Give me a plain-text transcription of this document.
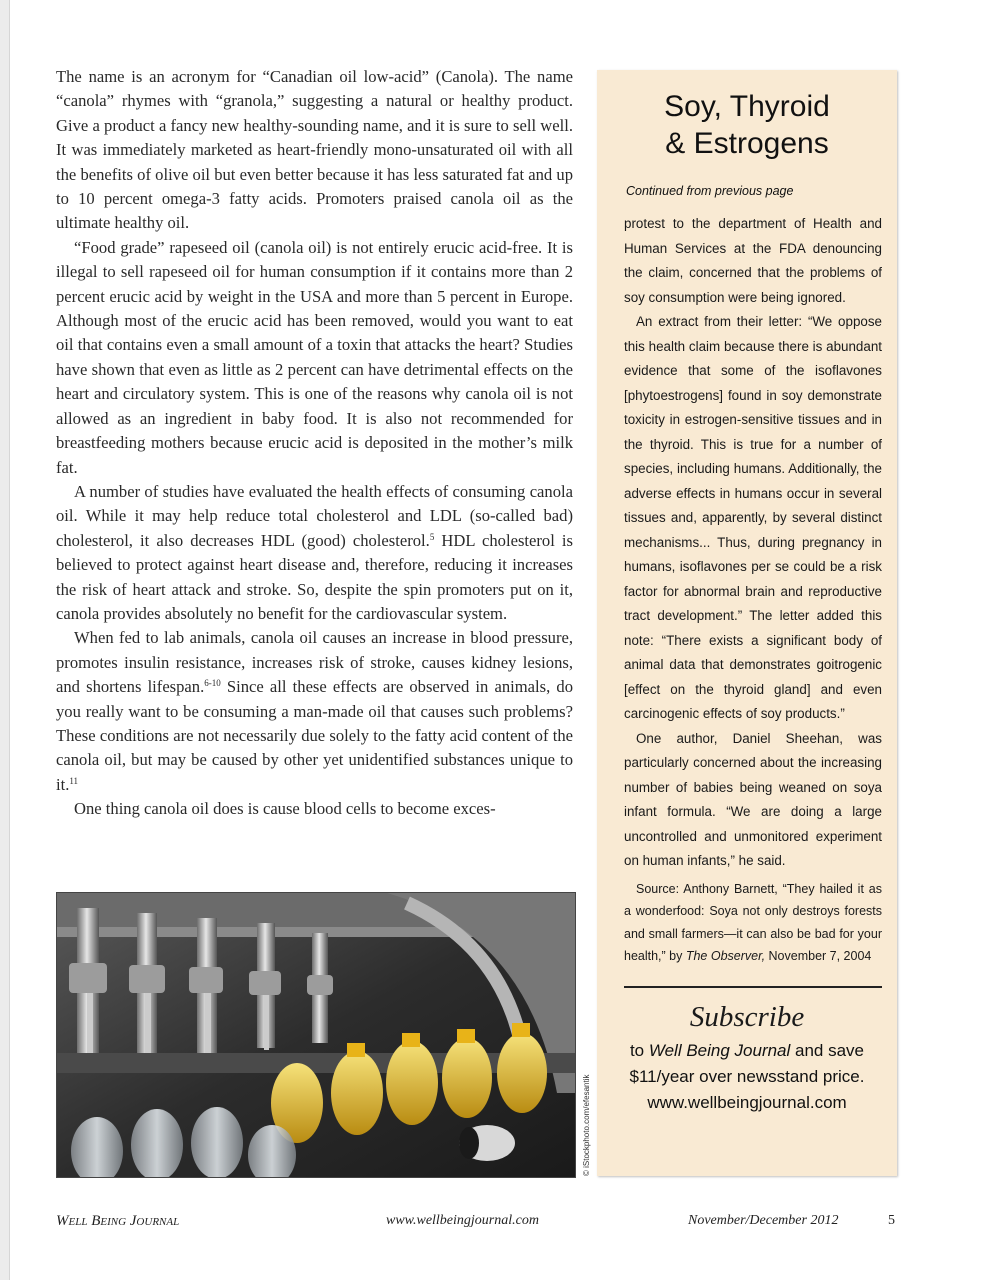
The name is an acronym for “Canadian oil low-acid” (Canola). The name “canola” rhymes with “granola,” suggesting a natural or healthy product. Give a product a fancy new healthy-sounding name, and it is sure to sell well. It was immediately marketed as heart-friendly mono-unsaturated oil with all the benefits of olive oil but even better because it has less saturated fat and up to 10 percent omega-3 fatty acids. Promoters praised canola oil as the ultimate healthy oil.

“Food grade” rapeseed oil (canola oil) is not entirely erucic acid-free. It is illegal to sell rapeseed oil for human consumption if it contains more than 2 percent erucic acid by weight in the USA and more than 5 percent in Europe. Although most of the erucic acid has been removed, would you want to eat oil that contains even a small amount of a toxin that attacks the heart? Studies have shown that even as little as 2 percent can have detrimental effects on the heart and circulatory system. This is one of the reasons why canola oil is not allowed as an ingredient in baby food. It is also not recommended for breastfeeding mothers because erucic acid is deposited in the mother’s milk fat.

A number of studies have evaluated the health effects of consuming canola oil. While it may help reduce total cholesterol and LDL (so-called bad) cholesterol, it also decreases HDL (good) cholesterol.$^5$ HDL cholesterol is believed to protect against heart disease and, therefore, reducing it increases the risk of heart attack and stroke. So, despite the spin promoters put on it, canola provides absolutely no benefit for the cardiovascular system.

When fed to lab animals, canola oil causes an increase in blood pressure, promotes insulin resistance, increases risk of stroke, causes kidney lesions, and shortens lifespan.$^{6-10}$ Since all these effects are observed in animals, do you really want to be consuming a man-made oil that causes such problems? These conditions are not necessarily due solely to the fatty acid content of the canola oil, but may be caused by other yet unidentified substances unique to it.$^{11}$

One thing canola oil does is cause blood cells to become exces-

© iStockphoto.com/efesantik
Soy, Thyroid
& Estrogens
Continued from previous page

protest to the department of Health and Human Services at the FDA denouncing the claim, concerned that the problems of soy consumption were being ignored.

An extract from their letter: “We oppose this health claim because there is abundant evidence that some of the isoflavones [phytoestrogens] found in soy demonstrate toxicity in estrogen-sensitive tissues and in the thyroid. This is true for a number of species, including humans. Additionally, the adverse effects in humans occur in several tissues and, apparently, by several distinct mechanisms... Thus, during pregnancy in humans, isoflavones per se could be a risk factor for abnormal brain and reproductive tract development.” The letter added this note: “There exists a significant body of animal data that demonstrates goitrogenic [effect on the thyroid gland] and even carcinogenic effects of soy products.”

One author, Daniel Sheehan, was particularly concerned about the increasing number of babies being weaned on soya infant formula. “We are doing a large uncontrolled and unmonitored experiment on human infants,” he said.

Source: Anthony Barnett, “They hailed it as a wonderfood: Soya not only destroys forests and small farmers—it can also be bad for your health,” by The Observer, November 7, 2004

Subscribe
to Well Being Journal and save
$11/year over newsstand price.
www.wellbeingjournal.com
Well Being Journal	www.wellbeingjournal.com	November/December 2012	5
